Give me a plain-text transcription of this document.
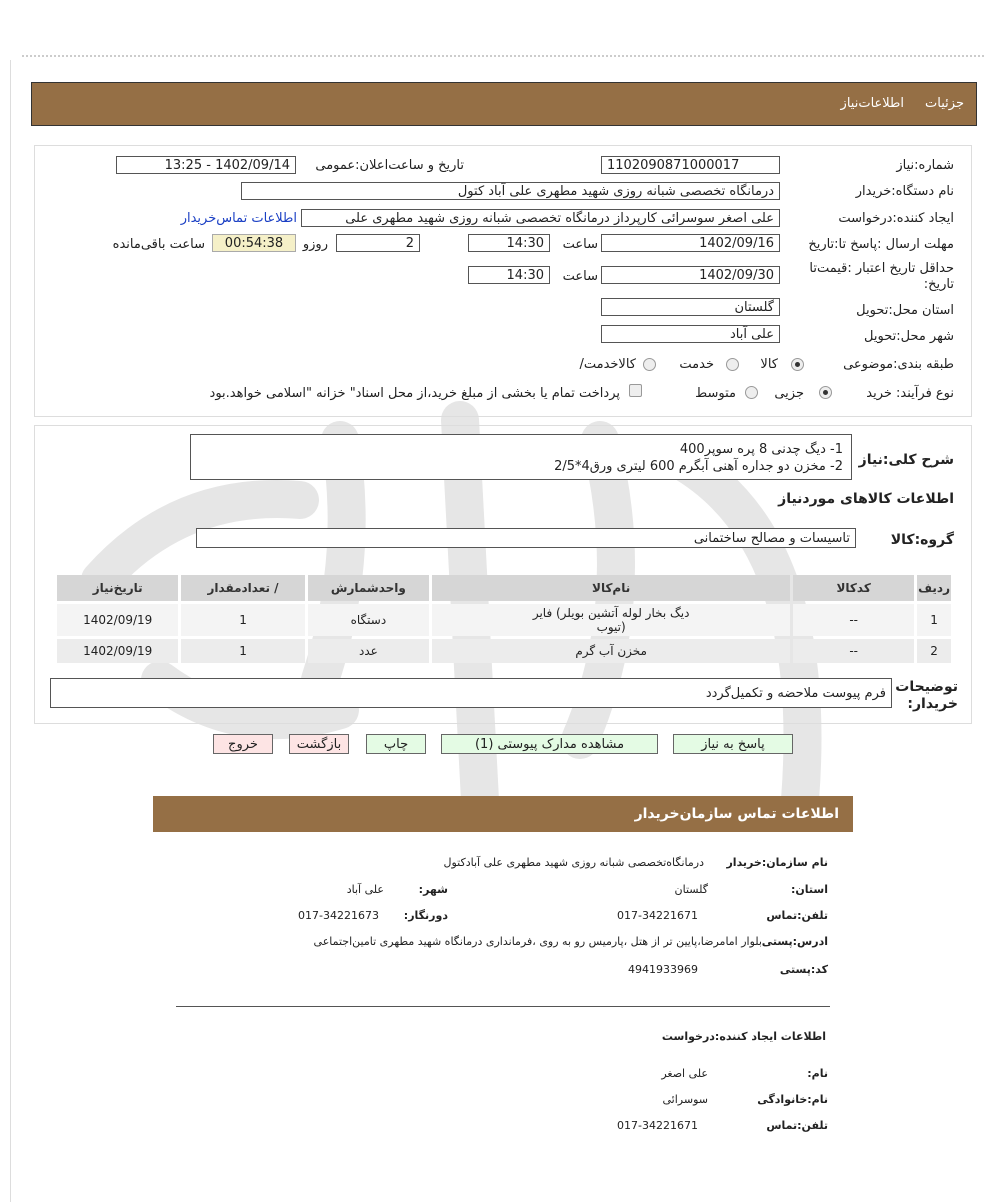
جزئیات
اطلاعات‌نیاز
شماره:نیاز
1102090871000017
تاریخ و ساعت‌اعلان:عمومی
1402/09/14 - 13:25
نام دستگاه:خریدار
درمانگاه تخصصی شبانه روزی شهید مطهری علی آباد کتول
ایجاد کننده:درخواست
علی اصغر سوسرائی کارپرداز درمانگاه تخصصی شبانه روزی شهید مطهری علی
اطلاعات تماس‌خریدار
مهلت ارسال :پاسخ تا:تاریخ
1402/09/16
ساعت
14:30
2
روزو
00:54:38
ساعت باقی‌مانده
حداقل تاریخ اعتبار :قیمت‌تا
:تاریخ
1402/09/30
ساعت
14:30
استان محل:تحویل
گلستان
شهر محل:تحویل
علی آباد
طبقه بندی:موضوعی
کالا
خدمت
/کالاخدمت
نوع فرآیند: خرید
جزیی
متوسط
پرداخت تمام یا بخشی از مبلغ خرید،از محل اسناد" خزانه "اسلامی خواهد.بود
شرح کلی:نیاز
1- دیگ چدنی 8 پره سوپر400
2- مخزن دو جداره آهنی آبگرم 600 لیتری ورق4*2/5
اطلاعات کالاهای موردنیاز
گروه:کالا
تاسیسات و مصالح ساختمانی
ردیف	کدکالا	نام‌کالا	واحدشمارش	/ تعدادمقدار	تاریخ‌نیاز
1	--	دیگ بخار لوله آتشین بویلر) فایر
(تیوب	دستگاه	1	1402/09/19
2	--	مخزن آب گرم	عدد	1	1402/09/19
توضیحات
:خریدار
فرم پیوست ملاحضه و تکمیل‌گردد
پاسخ به نیاز
مشاهده مدارک پیوستی (1)
چاپ
بازگشت
خروج
اطلاعات تماس سازمان‌خریدار
نام سازمان:خریدار
درمانگاه‌تخصصی شبانه روزی شهید مطهری علی آبادکتول
:استان
گلستان
:شهر
علی آباد
تلفن:تماس
017-34221671
:دورنگار
017-34221673
ادرس:پستی
بلوار امامرضا،پایین تر از هتل ،پارمیس رو به روی ،فرمانداری درمانگاه شهید مطهری تامین‌اجتماعی
کد:پستی
4941933969
اطلاعات ایجاد کننده:درخواست
:نام
علی اصغر
نام:خانوادگی
سوسرائی
تلفن:تماس
017-34221671
